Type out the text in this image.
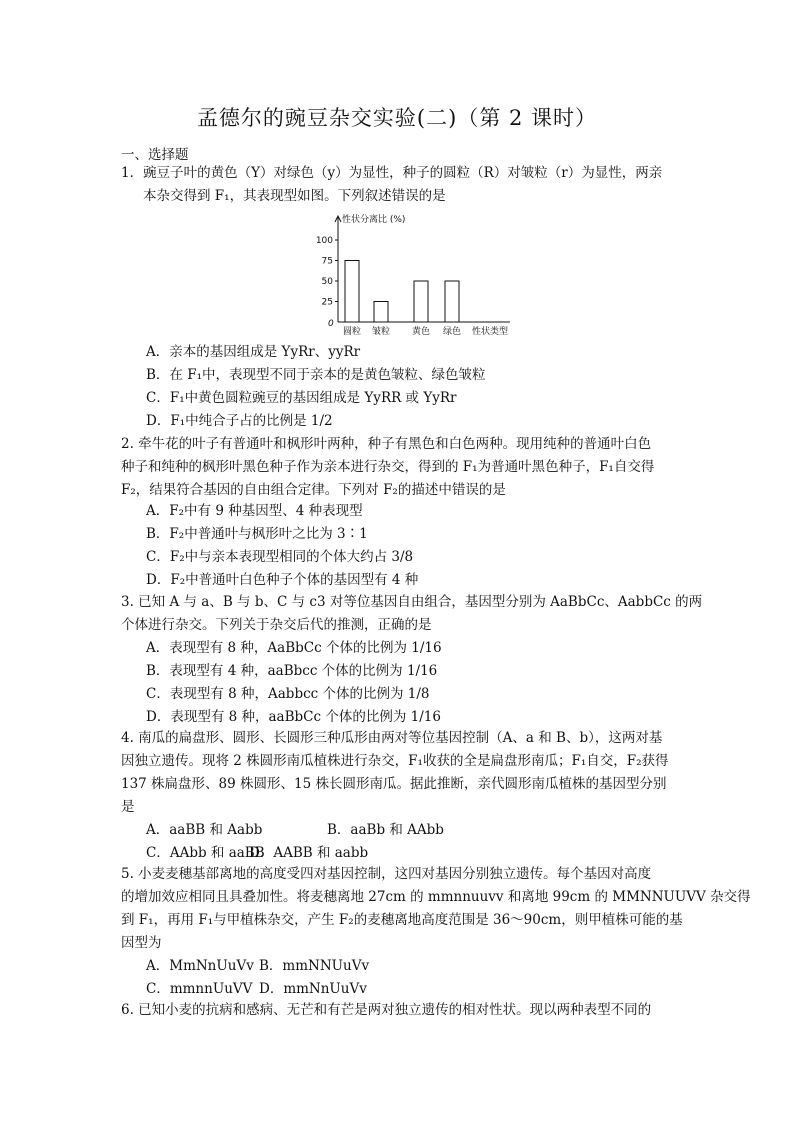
孟德尔的豌豆杂交实验(二)（第 2 课时）
一、选择题
1．豌豆子叶的黄色（Y）对绿色（y）为显性，种子的圆粒（R）对皱粒（r）为显性，两亲
本杂交得到 F₁，其表现型如图。下列叙述错误的是
性状分离比 (%)
0
25
50
75
100
圆粒 皱粒 黄色 绿色 性状类型
A．亲本的基因组成是 YyRr、yyRr
B．在 F₁中，表现型不同于亲本的是黄色皱粒、绿色皱粒
C．F₁中黄色圆粒豌豆的基因组成是 YyRR 或 YyRr
D．F₁中纯合子占的比例是 1/2
2. 牵牛花的叶子有普通叶和枫形叶两种，种子有黑色和白色两种。现用纯种的普通叶白色
种子和纯种的枫形叶黑色种子作为亲本进行杂交，得到的 F₁为普通叶黑色种子，F₁自交得
F₂，结果符合基因的自由组合定律。下列对 F₂的描述中错误的是
A．F₂中有 9 种基因型、4 种表现型
B．F₂中普通叶与枫形叶之比为 3∶1
C．F₂中与亲本表现型相同的个体大约占 3/8
D．F₂中普通叶白色种子个体的基因型有 4 种
3. 已知 A 与 a、B 与 b、C 与 c3 对等位基因自由组合，基因型分别为 AaBbCc、AabbCc 的两
个体进行杂交。下列关于杂交后代的推测，正确的是
A．表现型有 8 种，AaBbCc 个体的比例为 1/16
B．表现型有 4 种，aaBbcc 个体的比例为 1/16
C．表现型有 8 种，Aabbcc 个体的比例为 1/8
D．表现型有 8 种，aaBbCc 个体的比例为 1/16
4. 南瓜的扁盘形、圆形、长圆形三种瓜形由两对等位基因控制（A、a 和 B、b），这两对基
因独立遗传。现将 2 株圆形南瓜植株进行杂交，F₁收获的全是扁盘形南瓜；F₁自交，F₂获得
137 株扁盘形、89 株圆形、15 株长圆形南瓜。据此推断，亲代圆形南瓜植株的基因型分别
是
A．aaBB 和 Aabb	B．aaBb 和 AAbb
C．AAbb 和 aaBB
D．AABB 和 aabb
5. 小麦麦穗基部离地的高度受四对基因控制，这四对基因分别独立遗传。每个基因对高度
的增加效应相同且具叠加性。将麦穗离地 27cm 的 mmnnuuvv 和离地 99cm 的 MMNNUUVV 杂交得
到 F₁，再用 F₁与甲植株杂交，产生 F₂的麦穗离地高度范围是 36～90cm，则甲植株可能的基
因型为
A．MmNnUuVv B．mmNNUuVv
C．mmnnUuVV D．mmNnUuVv
6. 已知小麦的抗病和感病、无芒和有芒是两对独立遗传的相对性状。现以两种表型不同的
